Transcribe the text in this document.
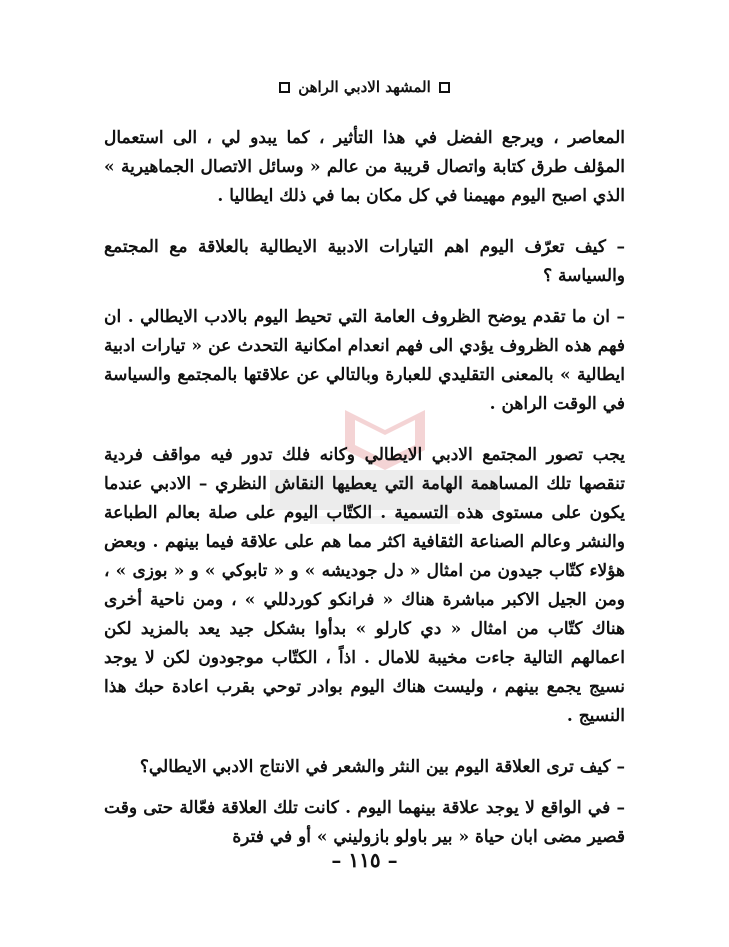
المشهد الادبي الراهن

المعاصر ، ويرجع الفضل في هذا التأثير ، كما يبدو لي ، الى استعمال المؤلف طرق كتابة واتصال قريبة من عالم « وسائل الاتصال الجماهيرية » الذي اصبح اليوم مهيمنا في كل مكان بما في ذلك ايطاليا .

– كيف تعرّف اليوم اهم التيارات الادبية الايطالية بالعلاقة مع المجتمع والسياسة ؟

– ان ما تقدم يوضح الظروف العامة التي تحيط اليوم بالادب الايطالي . ان فهم هذه الظروف يؤدي الى فهم انعدام امكانية التحدث عن « تيارات ادبية ايطالية » بالمعنى التقليدي للعبارة وبالتالي عن علاقتها بالمجتمع والسياسة في الوقت الراهن .

يجب تصور المجتمع الادبي الايطالي وكانه فلك تدور فيه مواقف فردية تنقصها تلك المساهمة الهامة التي يعطيها النقاش النظري – الادبي عندما يكون على مستوى هذه التسمية . الكتّاب اليوم على صلة بعالم الطباعة والنشر وعالم الصناعة الثقافية اكثر مما هم على علاقة فيما بينهم . وبعض هؤلاء كتّاب جيدون من امثال « دل جوديشه » و « تابوكي » و « بوزى » ، ومن الجيل الاكبر مباشرة هناك « فرانكو كوردللي » ، ومن ناحية أخرى هناك كتّاب من امثال « دي كارلو » بدأوا بشكل جيد يعد بالمزيد لكن اعمالهم التالية جاءت مخيبة للامال . اذاً ، الكتّاب موجودون لكن لا يوجد نسيج يجمع بينهم ، وليست هناك اليوم بوادر توحي بقرب اعادة حبك هذا النسيج .

– كيف ترى العلاقة اليوم بين النثر والشعر في الانتاج الادبي الايطالي؟

– في الواقع لا يوجد علاقة بينهما اليوم . كانت تلك العلاقة فعّالة حتى وقت قصير مضى ابان حياة « بير باولو بازوليني » أو في فترة

– ١١٥ –
